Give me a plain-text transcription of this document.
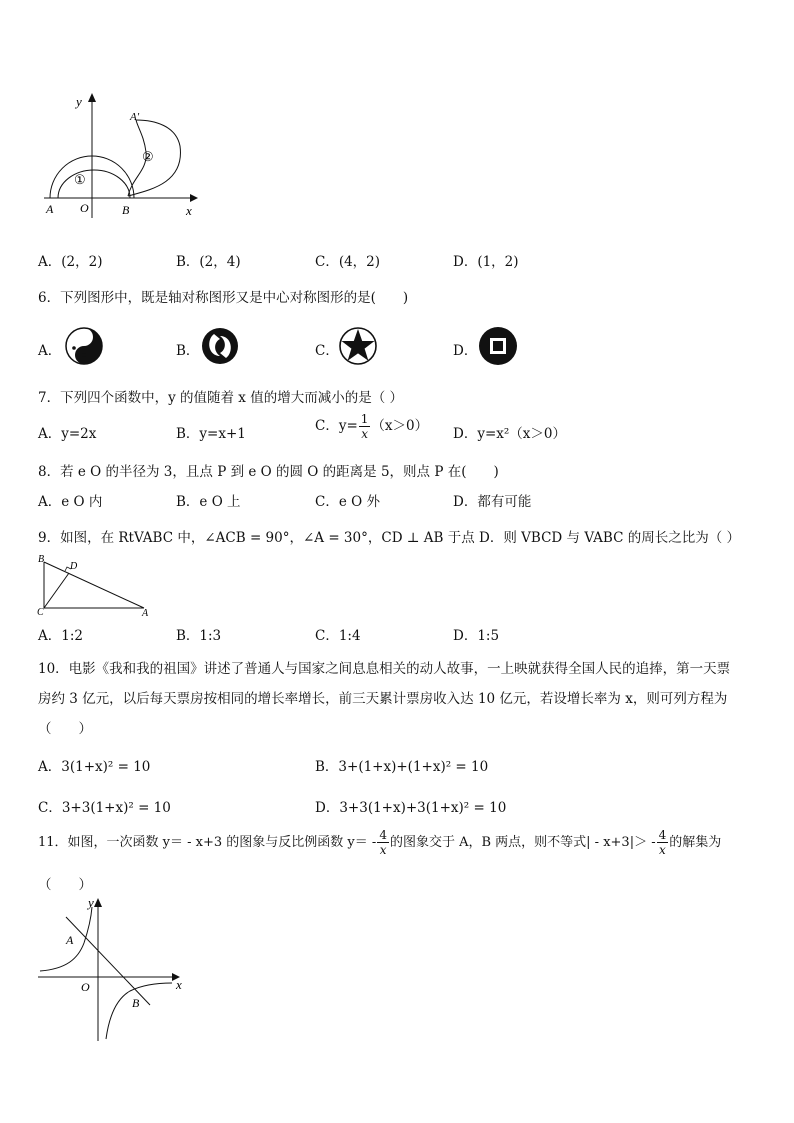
y
x
A O	B
A′
①
②
A．(2，2)	B．(2，4)	C．(4，2)	D．(1，2)
6．下列图形中，既是轴对称图形又是中心对称图形的是(　　)
A．	B．	C．	D．
7．下列四个函数中，y 的值随着 x 值的增大而减小的是（ ）
A．y=2x	B．y=x+1	C．$y= \frac{1}{x} (x>0)$ D．y=x²（x＞0）
8．若 e O 的半径为 3，且点 P 到 e O 的圆 O 的距离是 5，则点 P 在(　　)
A．e O 内	B．e O 上	C．e O 外	D．都有可能
9．如图，在 RtVABC 中，∠ACB = 90°，∠A = 30°，CD ⊥ AB 于点 D．则 VBCD 与 VABC 的周长之比为（ ）
B
D
C	A
A．1:2	B．1:3	C．1:4	D．1:5
10．电影《我和我的祖国》讲述了普通人与国家之间息息相关的动人故事，一上映就获得全国人民的追捧，第一天票
房约 3 亿元，以后每天票房按相同的增长率增长，前三天累计票房收入达 10 亿元，若设增长率为 x，则可列方程为
（　　）
A．3(1+x)² = 10	B．3+(1+x)+(1+x)² = 10
C．3+3(1+x)² = 10	D．3+3(1+x)+3(1+x)² = 10
11．如图，一次函数 y＝ - x+3 的图象与反比例函数 $y= - \frac{4}{x}$ 的图象交于 A，B 两点，则不等式| - $x+3|> - \frac{4}{x}$ 的解集为
（　　）
y
x
A
O
B
